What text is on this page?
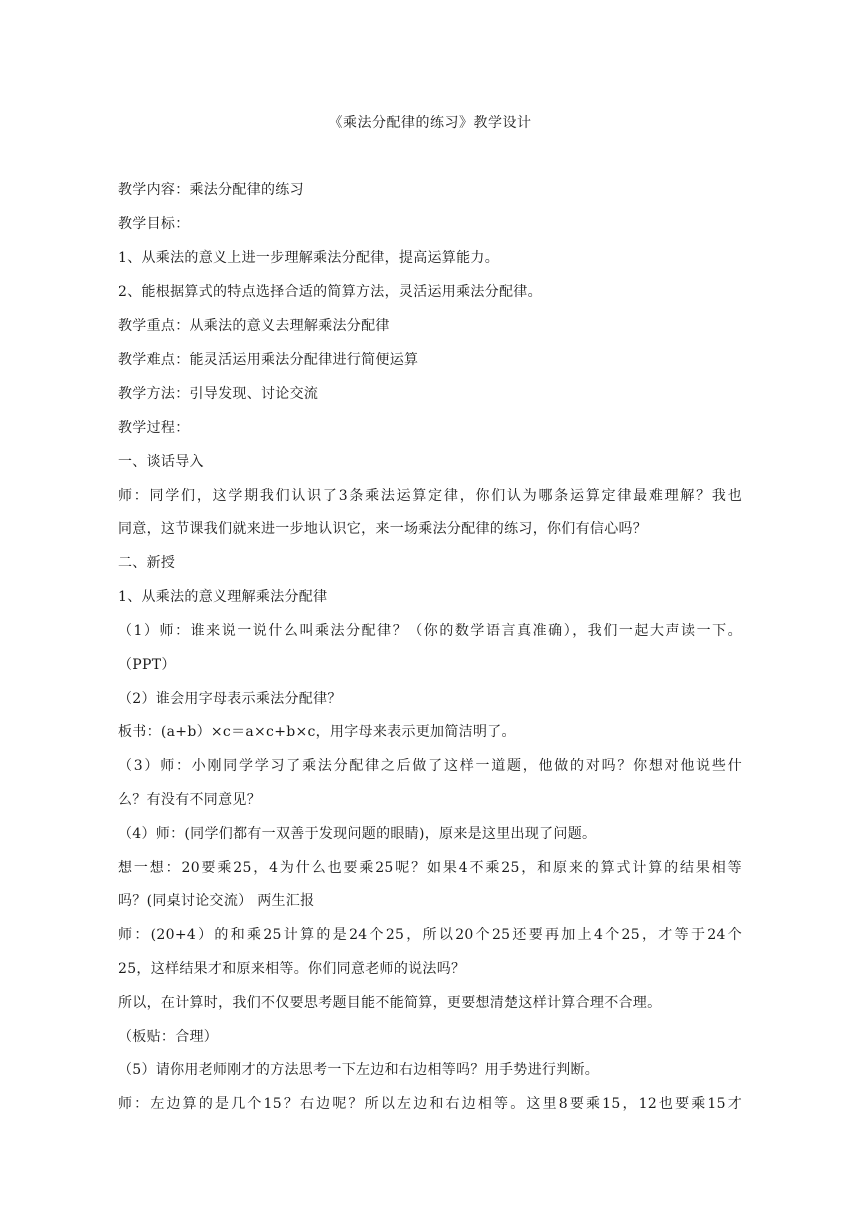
《乘法分配律的练习》教学设计
教学内容：乘法分配律的练习
教学目标：
1、从乘法的意义上进一步理解乘法分配律，提高运算能力。
2、能根据算式的特点选择合适的简算方法，灵活运用乘法分配律。
教学重点：从乘法的意义去理解乘法分配律
教学难点：能灵活运用乘法分配律进行简便运算
教学方法：引导发现、讨论交流
教学过程：
一、谈话导入
师：同学们，这学期我们认识了3条乘法运算定律，你们认为哪条运算定律最难理解？我也
同意，这节课我们就来进一步地认识它，来一场乘法分配律的练习，你们有信心吗？
二、新授
1、从乘法的意义理解乘法分配律
（1）师：谁来说一说什么叫乘法分配律？（你的数学语言真准确），我们一起大声读一下。
（PPT）
（2）谁会用字母表示乘法分配律？
板书：(a+b）×c＝a×c+b×c，用字母来表示更加简洁明了。
（3）师：小刚同学学习了乘法分配律之后做了这样一道题，他做的对吗？你想对他说些什
么？有没有不同意见？
（4）师：(同学们都有一双善于发现问题的眼睛)，原来是这里出现了问题。
想一想：20要乘25，4为什么也要乘25呢？如果4不乘25，和原来的算式计算的结果相等
吗？(同桌讨论交流） 两生汇报
师：(20+4）的和乘25计算的是24个25，所以20个25还要再加上4个25，才等于24个
25，这样结果才和原来相等。你们同意老师的说法吗？
所以，在计算时，我们不仅要思考题目能不能简算，更要想清楚这样计算合理不合理。
（板贴：合理）
（5）请你用老师刚才的方法思考一下左边和右边相等吗？用手势进行判断。
师：左边算的是几个15？右边呢？所以左边和右边相等。这里8要乘15，12也要乘15才
